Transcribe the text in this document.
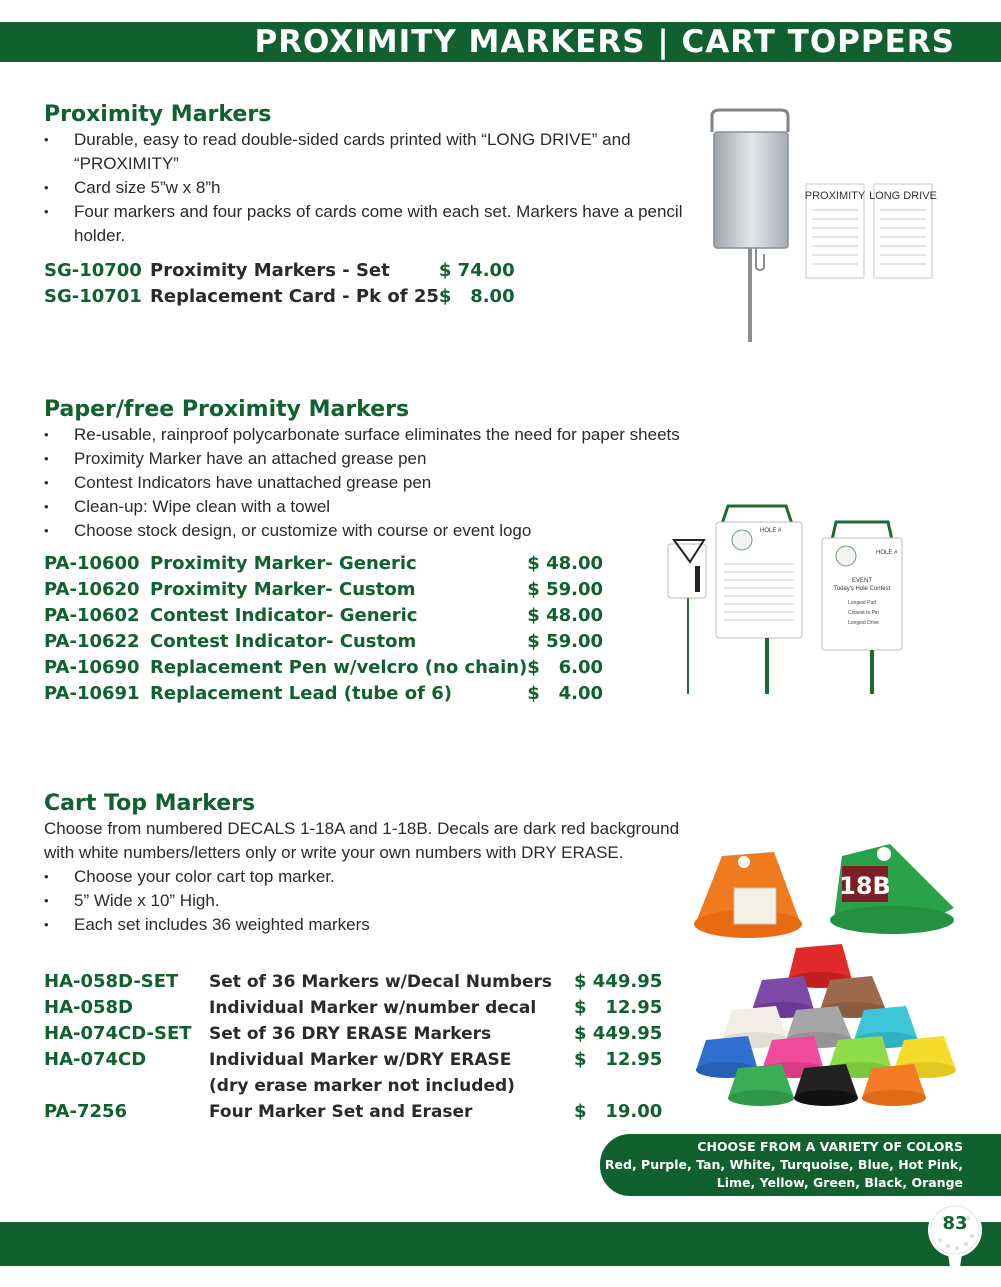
PROXIMITY MARKERS | CART TOPPERS
Proximity Markers
• Durable, easy to read double-sided cards printed with “LONG DRIVE” and “PROXIMITY”
• Card size 5”w x 8”h
• Four markers and four packs of cards come with each set. Markers have a pencil holder.
SG-10700	Proximity Markers - Set	$ 74.00
SG-10701	Replacement Card - Pk of 25	$   8.00
PROXIMITY LONG DRIVE
Paper/free Proximity Markers
• Re-usable, rainproof polycarbonate surface eliminates the need for paper sheets
• Proximity Marker have an attached grease pen
• Contest Indicators have unattached grease pen
• Clean-up: Wipe clean with a towel
• Choose stock design, or customize with course or event logo
PA-10600	Proximity Marker- Generic	$ 48.00
PA-10620	Proximity Marker- Custom	$ 59.00
PA-10602	Contest Indicator- Generic	$ 48.00
PA-10622	Contest Indicator- Custom	$ 59.00
PA-10690	Replacement Pen w/velcro (no chain)	$   6.00
PA-10691	Replacement Lead (tube of 6)	$   4.00
HOLE #
HOLE #
EVENT
Today's Hole Contest
Longest Putt
Closest to Pin
Longest Drive
Cart Top Markers

Choose from numbered DECALS 1-18A and 1-18B. Decals are dark red background with white numbers/letters only or write your own numbers with DRY ERASE.

• Choose your color cart top marker.
• 5” Wide x 10” High.
• Each set includes 36 weighted markers
HA-058D-SET	Set of 36 Markers w/Decal Numbers	$ 449.95
HA-058D	Individual Marker w/number decal	$   12.95
HA-074CD-SET	Set of 36 DRY ERASE Markers	$ 449.95
HA-074CD	Individual Marker w/DRY ERASE	$   12.95
	(dry erase marker not included)	
PA-7256	Four Marker Set and Eraser	$   19.00
18B
CHOOSE FROM A VARIETY OF COLORS
Red, Purple, Tan, White, Turquoise, Blue, Hot Pink,
Lime, Yellow, Green, Black, Orange
83
